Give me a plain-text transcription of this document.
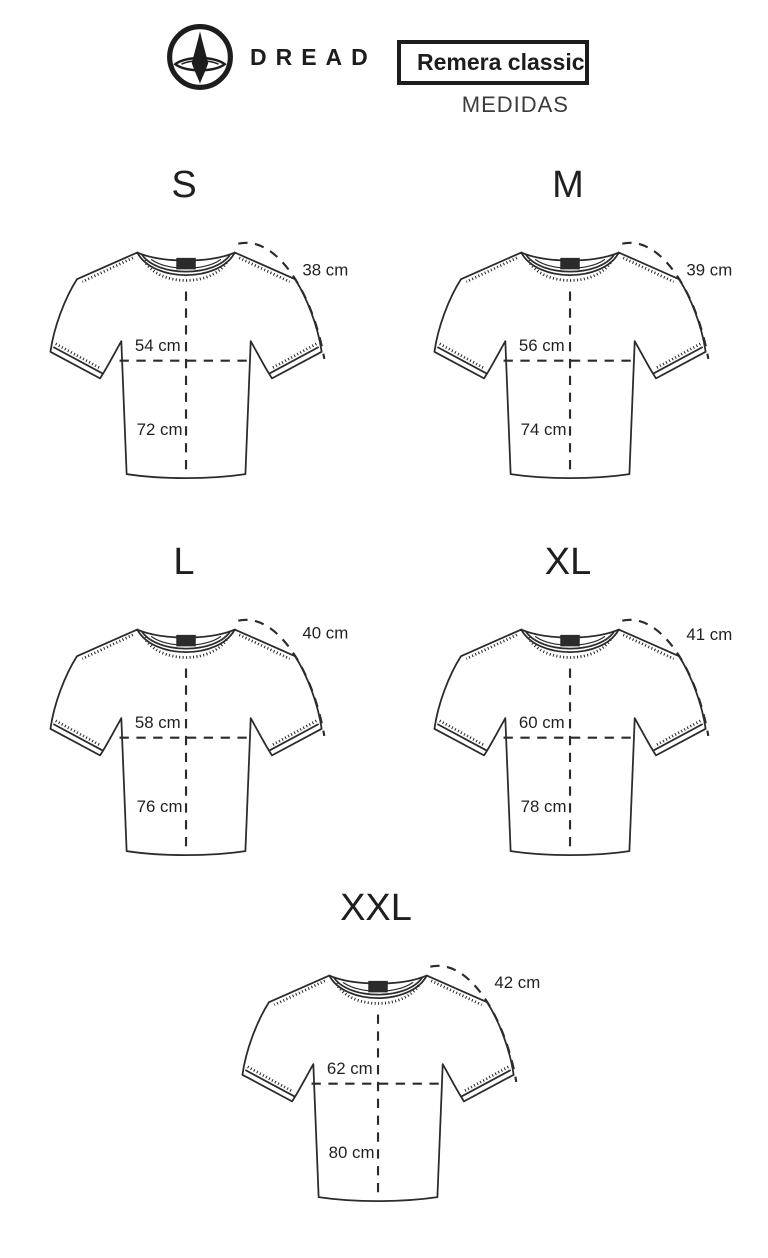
DREAD	Remera classic
MEDIDAS
S
38 cm
54 cm
72 cm
M
39 cm
56 cm
74 cm
L
40 cm
58 cm
76 cm
XL
41 cm
60 cm
78 cm
XXL
42 cm
62 cm
80 cm
